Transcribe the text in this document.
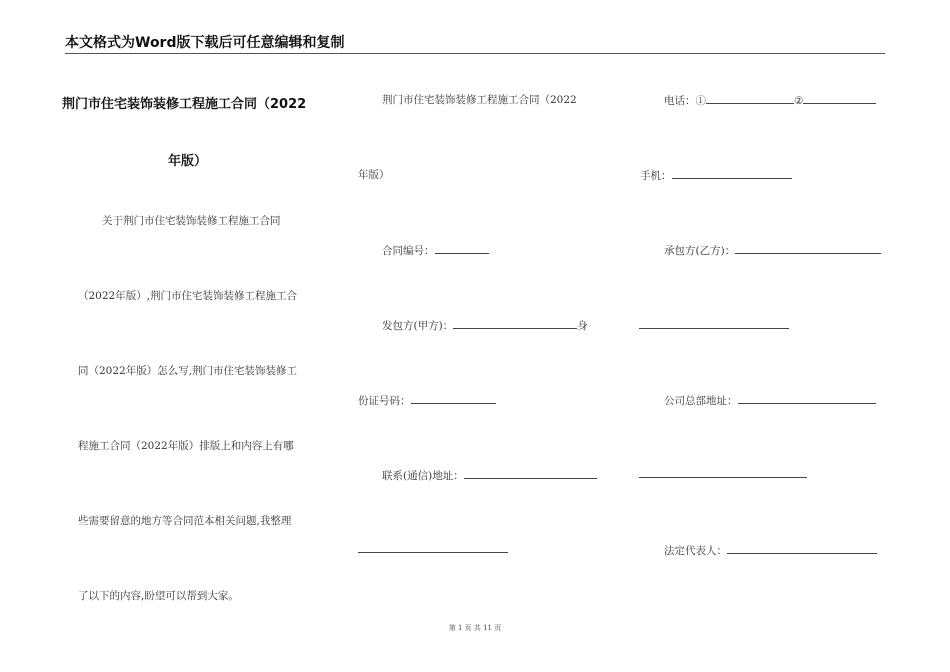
本文格式为Word版下载后可任意编辑和复制
荆门市住宅装饰装修工程施工合同（2022
年版）
关于荆门市住宅装饰装修工程施工合同
（2022年版）,荆门市住宅装饰装修工程施工合
同（2022年版）怎么写,荆门市住宅装饰装修工
程施工合同（2022年版）排版上和内容上有哪
些需要留意的地方等合同范本相关问题,我整理
了以下的内容,盼望可以帮到大家。
荆门市住宅装饰装修工程施工合同（2022
年版）
合同编号：
发包方(甲方)：	身
份证号码：
联系(通信)地址：
电话：①	②
手机：
承包方(乙方)：
公司总部地址：
法定代表人：
第 1 页 共 11 页
